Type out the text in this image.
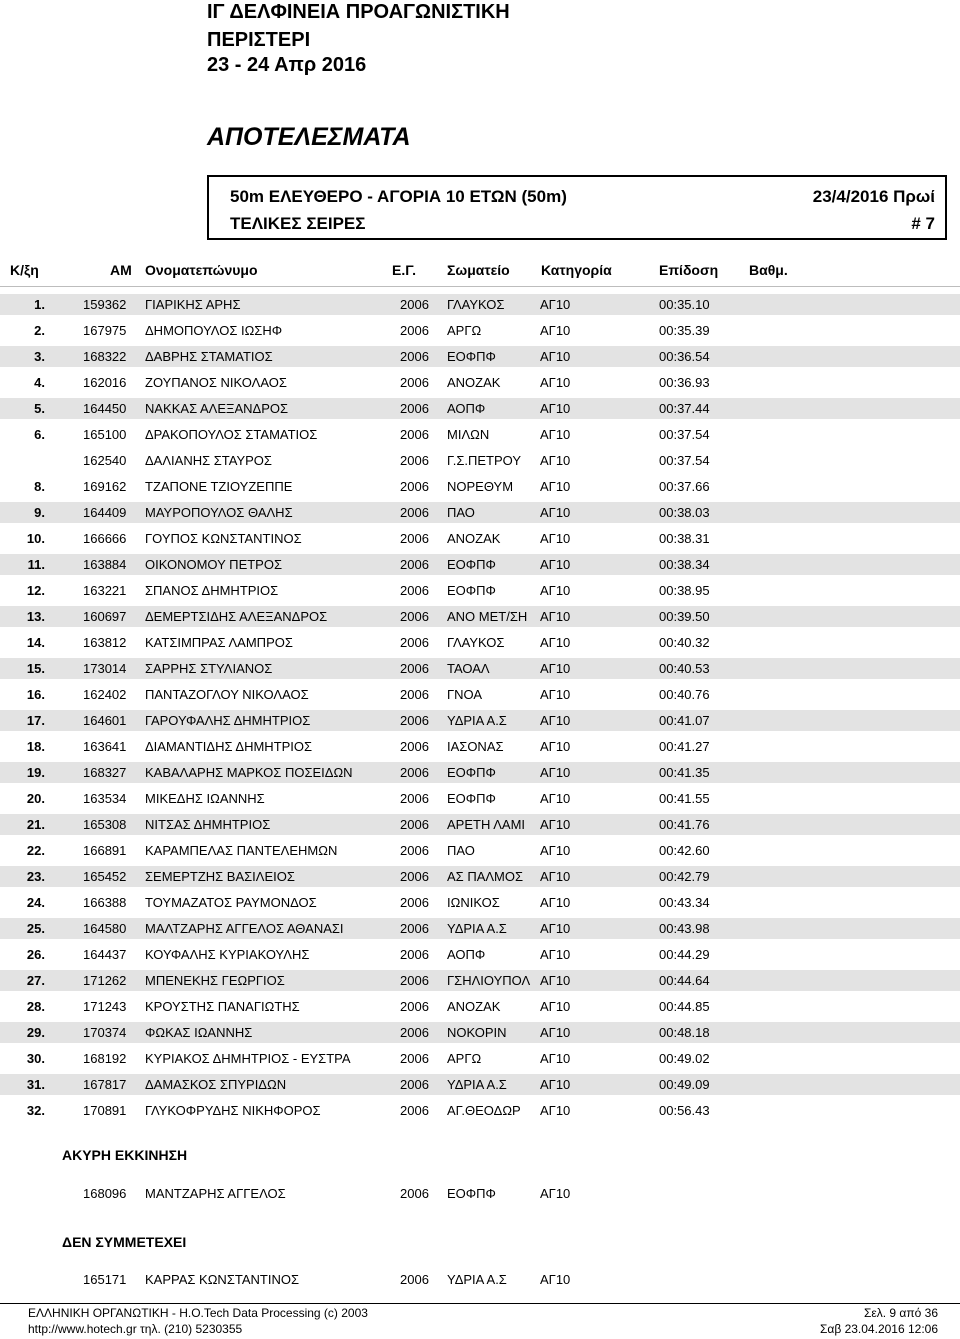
ΙΓ ΔΕΛΦΙΝΕΙΑ ΠΡΟΑΓΩΝΙΣΤΙΚΗ
ΠΕΡΙΣΤΕΡΙ
23 - 24 Απρ 2016
ΑΠΟΤΕΛΕΣΜΑΤΑ
50m ΕΛΕΥΘΕΡΟ - ΑΓΟΡΙΑ 10 ΕΤΩΝ (50m)	23/4/2016 Πρωί
ΤΕΛΙΚΕΣ ΣΕΙΡΕΣ	# 7
Κ/ξη	ΑΜ Ονοματεπώνυμο	Ε.Γ. Σωματείο Κατηγορία	Επίδοση Βαθμ.
1.	159362 ΓΙΑΡΙΚΗΣ ΑΡΗΣ	2006 ΓΛΑΥΚΟΣ	ΑΓ10	00:35.10
2.	167975 ΔΗΜΟΠΟΥΛΟΣ ΙΩΣΗΦ	2006 ΑΡΓΩ	ΑΓ10	00:35.39
3.	168322 ΔΑΒΡΗΣ ΣΤΑΜΑΤΙΟΣ	2006 ΕΟΦΠΦ	ΑΓ10	00:36.54
4.	162016 ΖΟΥΠΑΝΟΣ ΝΙΚΟΛΑΟΣ	2006 ΑΝΟΖΑΚ	ΑΓ10	00:36.93
5.	164450 ΝΑΚΚΑΣ ΑΛΕΞΑΝΔΡΟΣ	2006 ΑΟΠΦ	ΑΓ10	00:37.44
6.	165100 ΔΡΑΚΟΠΟΥΛΟΣ ΣΤΑΜΑΤΙΟΣ	2006 ΜΙΛΩΝ	ΑΓ10	00:37.54
162540 ΔΑΛΙΑΝΗΣ ΣΤΑΥΡΟΣ	2006 Γ.Σ.ΠΕΤΡΟΥ ΑΓ10	00:37.54
8.	169162 ΤΖΑΠΟΝΕ ΤΖΙΟΥΖΕΠΠΕ	2006 ΝΟΡΕΘΥΜ ΑΓ10	00:37.66
9.	164409 ΜΑΥΡΟΠΟΥΛΟΣ ΘΑΛΗΣ	2006 ΠΑΟ	ΑΓ10	00:38.03
10.	166666 ΓΟΥΠΟΣ ΚΩΝΣΤΑΝΤΙΝΟΣ	2006 ΑΝΟΖΑΚ	ΑΓ10	00:38.31
11.	163884 ΟΙΚΟΝΟΜΟΥ ΠΕΤΡΟΣ	2006 ΕΟΦΠΦ	ΑΓ10	00:38.34
12.	163221 ΣΠΑΝΟΣ ΔΗΜΗΤΡΙΟΣ	2006 ΕΟΦΠΦ	ΑΓ10	00:38.95
13.	160697 ΔΕΜΕΡΤΣΙΔΗΣ ΑΛΕΞΑΝΔΡΟΣ	2006 ΑΝΟ ΜΕΤ/ΣΗ ΑΓ10	00:39.50
14.	163812 ΚΑΤΣΙΜΠΡΑΣ ΛΑΜΠΡΟΣ	2006 ΓΛΑΥΚΟΣ	ΑΓ10	00:40.32
15.	173014 ΣΑΡΡΗΣ ΣΤΥΛΙΑΝΟΣ	2006 ΤΑΟΑΛ	ΑΓ10	00:40.53
16.	162402 ΠΑΝΤΑΖΟΓΛΟΥ ΝΙΚΟΛΑΟΣ	2006 ΓΝΟΑ	ΑΓ10	00:40.76
17.	164601 ΓΑΡΟΥΦΑΛΗΣ ΔΗΜΗΤΡΙΟΣ	2006 ΥΔΡΙΑ Α.Σ	ΑΓ10	00:41.07
18.	163641 ΔΙΑΜΑΝΤΙΔΗΣ ΔΗΜΗΤΡΙΟΣ	2006 ΙΑΣΟΝΑΣ	ΑΓ10	00:41.27
19.	168327 ΚΑΒΑΛΑΡΗΣ ΜΑΡΚΟΣ ΠΟΣΕΙΔΩΝ	2006 ΕΟΦΠΦ	ΑΓ10	00:41.35
20.	163534 ΜΙΚΕΔΗΣ ΙΩΑΝΝΗΣ	2006 ΕΟΦΠΦ	ΑΓ10	00:41.55
21.	165308 ΝΙΤΣΑΣ ΔΗΜΗΤΡΙΟΣ	2006 ΑΡΕΤΗ ΛΑΜΙ ΑΓ10	00:41.76
22.	166891 ΚΑΡΑΜΠΕΛΑΣ ΠΑΝΤΕΛΕΗΜΩΝ	2006 ΠΑΟ	ΑΓ10	00:42.60
23.	165452 ΣΕΜΕΡΤΖΗΣ ΒΑΣΙΛΕΙΟΣ	2006 ΑΣ ΠΑΛΜΟΣ ΑΓ10	00:42.79
24.	166388 ΤΟΥΜΑΖΑΤΟΣ ΡΑΥΜΟΝΔΟΣ	2006 ΙΩΝΙΚΟΣ	ΑΓ10	00:43.34
25.	164580 ΜΑΛΤΖΑΡΗΣ ΑΓΓΕΛΟΣ ΑΘΑΝΑΣΙ	2006 ΥΔΡΙΑ Α.Σ	ΑΓ10	00:43.98
26.	164437 ΚΟΥΦΑΛΗΣ ΚΥΡΙΑΚΟΥΛΗΣ	2006 ΑΟΠΦ	ΑΓ10	00:44.29
27.	171262 ΜΠΕΝΕΚΗΣ ΓΕΩΡΓΙΟΣ	2006 ΓΣΗΛΙΟΥΠΟΛ ΑΓ10	00:44.64
28.	171243 ΚΡΟΥΣΤΗΣ ΠΑΝΑΓΙΩΤΗΣ	2006 ΑΝΟΖΑΚ	ΑΓ10	00:44.85
29.	170374 ΦΩΚΑΣ ΙΩΑΝΝΗΣ	2006 ΝΟΚΟΡΙΝ	ΑΓ10	00:48.18
30.	168192 ΚΥΡΙΑΚΟΣ ΔΗΜΗΤΡΙΟΣ - ΕΥΣΤΡΑ	2006 ΑΡΓΩ	ΑΓ10	00:49.02
31.	167817 ΔΑΜΑΣΚΟΣ ΣΠΥΡΙΔΩΝ	2006 ΥΔΡΙΑ Α.Σ	ΑΓ10	00:49.09
32.	170891 ΓΛΥΚΟΦΡΥΔΗΣ ΝΙΚΗΦΟΡΟΣ	2006 ΑΓ.ΘΕΟΔΩΡ ΑΓ10	00:56.43
ΑΚΥΡΗ ΕΚΚΙΝΗΣΗ
168096 ΜΑΝΤΖΑΡΗΣ ΑΓΓΕΛΟΣ	2006 ΕΟΦΠΦ	ΑΓ10
ΔΕΝ ΣΥΜΜΕΤΕΧΕΙ
165171 ΚΑΡΡΑΣ ΚΩΝΣΤΑΝΤΙΝΟΣ	2006 ΥΔΡΙΑ Α.Σ	ΑΓ10
ΕΛΛΗΝΙΚΗ ΟΡΓΑΝΩΤΙΚΗ - Η.Ο.Tech Data Processing (c) 2003
http://www.hotech.gr τηλ. (210) 5230355
Σελ. 9 από 36
Σαβ 23.04.2016 12:06
